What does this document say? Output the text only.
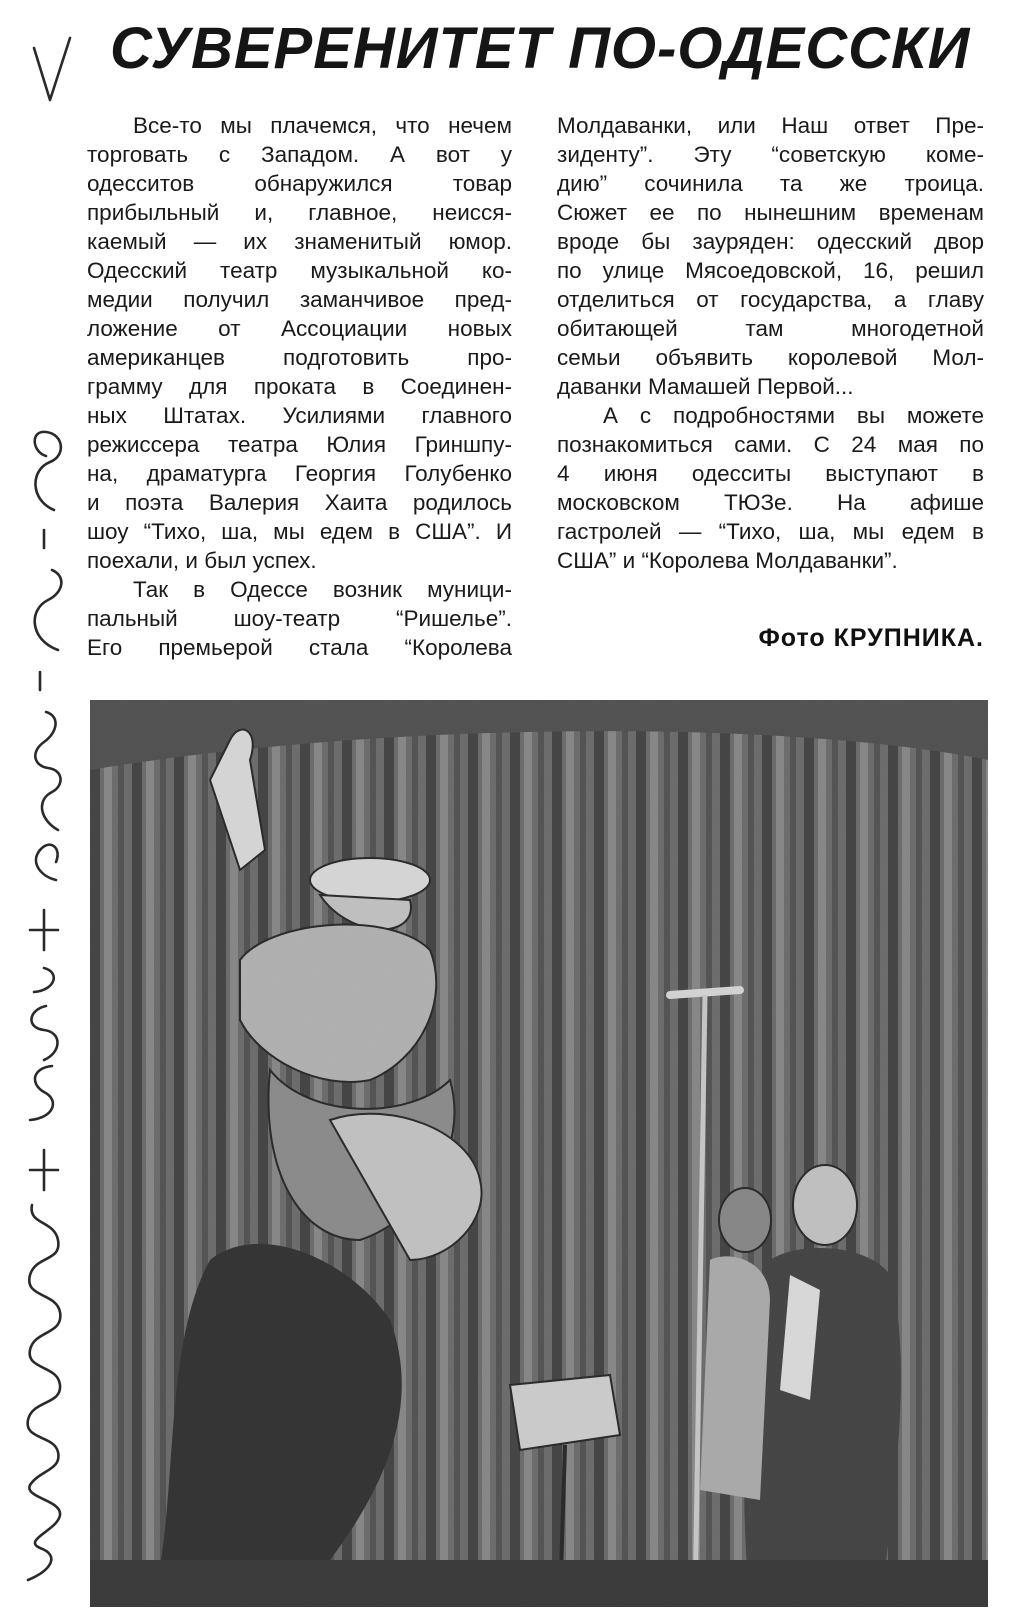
СУВЕРЕНИТЕТ ПО-ОДЕССКИ
Все-то мы плачемся, что нечем
торговать с Западом. А вот у
одесситов обнаружился товар
прибыльный и, главное, неисся-
каемый — их знаменитый юмор.
Одесский театр музыкальной ко-
медии получил заманчивое пред-
ложение от Ассоциации новых
американцев подготовить про-
грамму для проката в Соединен-
ных Штатах. Усилиями главного
режиссера театра Юлия Гриншпу-
на, драматурга Георгия Голубенко
и поэта Валерия Хаита родилось
шоу “Тихо, ша, мы едем в США”. И
поехали, и был успех.
Так в Одессе возник муници-
пальный шоу-театр “Ришелье”.
Его премьерой стала “Королева
Молдаванки, или Наш ответ Пре-
зиденту”. Эту “советскую коме-
дию” сочинила та же троица.
Сюжет ее по нынешним временам
вроде бы зауряден: одесский двор
по улице Мясоедовской, 16, решил
отделиться от государства, а главу
обитающей там многодетной
семьи объявить королевой Мол-
даванки Мамашей Первой...
А с подробностями вы можете
познакомиться сами. С 24 мая по
4 июня одесситы выступают в
московском ТЮЗе. На афише
гастролей — “Тихо, ша, мы едем в
США” и “Королева Молдаванки”.
Фото КРУПНИКА.
